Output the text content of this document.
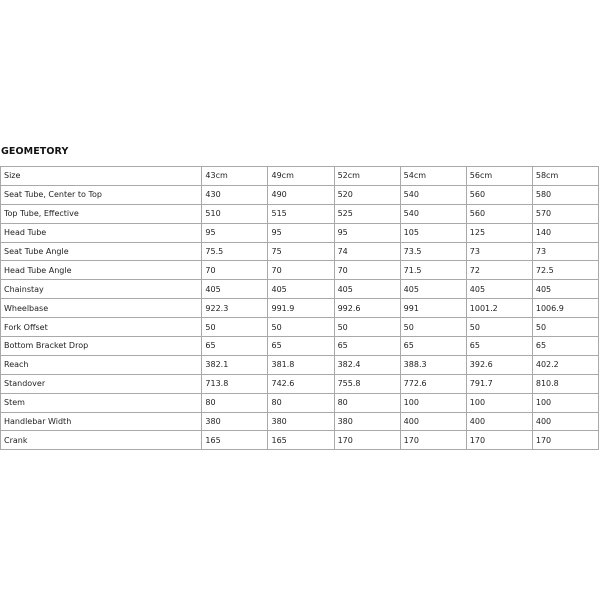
GEOMETORY
Size	43cm	49cm	52cm	54cm	56cm	58cm
Seat Tube, Center to Top	430	490	520	540	560	580
Top Tube, Effective	510	515	525	540	560	570
Head Tube	95	95	95	105	125	140
Seat Tube Angle	75.5	75	74	73.5	73	73
Head Tube Angle	70	70	70	71.5	72	72.5
Chainstay	405	405	405	405	405	405
Wheelbase	922.3	991.9	992.6	991	1001.2	1006.9
Fork Offset	50	50	50	50	50	50
Bottom Bracket Drop	65	65	65	65	65	65
Reach	382.1	381.8	382.4	388.3	392.6	402.2
Standover	713.8	742.6	755.8	772.6	791.7	810.8
Stem	80	80	80	100	100	100
Handlebar Width	380	380	380	400	400	400
Crank	165	165	170	170	170	170
